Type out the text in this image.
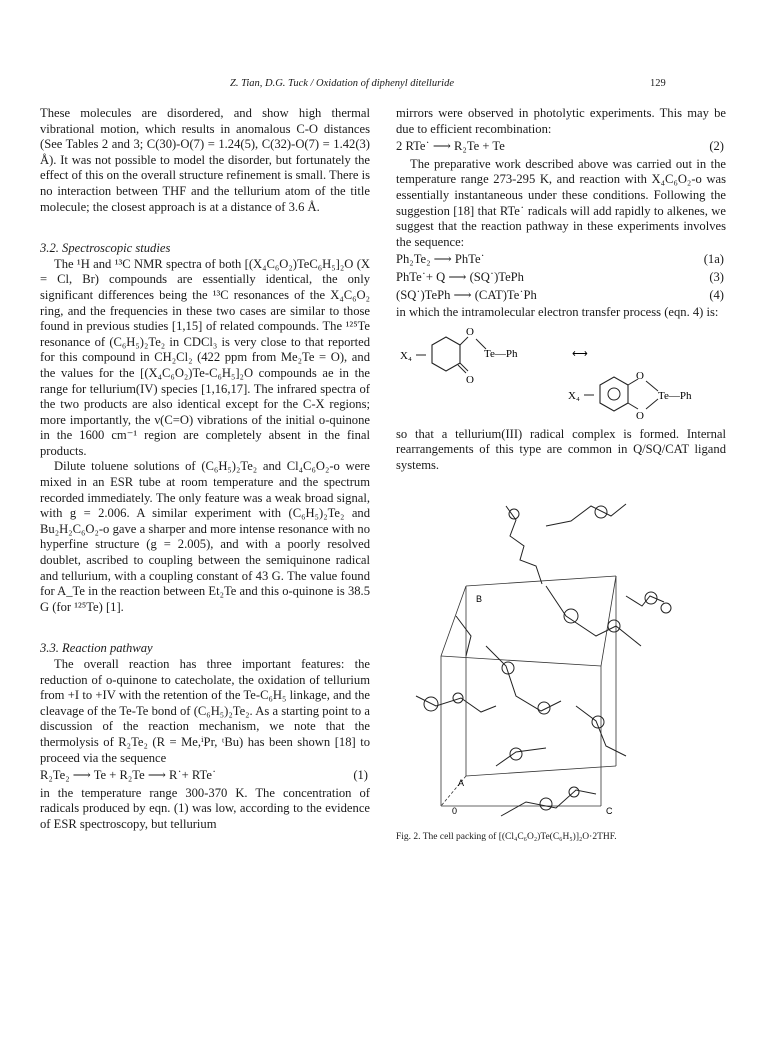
Z. Tian, D.G. Tuck / Oxidation of diphenyl ditelluride	129

These molecules are disordered, and show high thermal vibrational motion, which results in anomalous C-O distances (See Tables 2 and 3; C(30)-O(7) = 1.24(5), C(32)-O(7) = 1.42(3) Å). It was not possible to model the disorder, but fortunately the effect of this on the overall structure refinement is small. There is no interaction between THF and the tellurium atom of the title molecule; the closest approach is at a distance of 3.6 Å.

3.2. Spectroscopic studies

The ¹H and ¹³C NMR spectra of both [(X₄C₆O₂)TeC₆H₅]₂O (X = Cl, Br) compounds are essentially identical, the only significant differences being the ¹³C resonances of the X₄C₆O₂ ring, and the frequencies in these two cases are similar to those found in previous studies [1,15] of related compounds. The ¹²⁵Te resonance of (C₆H₅)₂Te₂ in CDCl₃ is very close to that reported for this compound in CH₂Cl₂ (422 ppm from Me₂Te = O), and the values for the [(X₄C₆O₂)Te-C₆H₅]₂O compounds ae in the range for tellurium(IV) species [1,16,17]. The infrared spectra of the two products are also identical except for the C-X regions; more importantly, the ν(C=O) vibrations of the initial o-quinone in the 1600 cm⁻¹ region are completely absent in the final products.

Dilute toluene solutions of (C₆H₅)₂Te₂ and Cl₄C₆O₂-o were mixed in an ESR tube at room temperature and the spectrum recorded immediately. The only feature was a weak broad signal, with g = 2.006. A similar experiment with (C₆H₅)₂Te₂ and Bu₂H₂C₆O₂-o gave a sharper and more intense resonance with no hyperfine structure (g = 2.005), and with a poorly resolved doublet, ascribed to coupling between the semiquinone radical and tellurium, with a coupling constant of 43 G. The value found for A_Te in the reaction between Et₂Te and this o-quinone is 38.5 G (for ¹²⁵Te) [1].

3.3. Reaction pathway

The overall reaction has three important features: the reduction of o-quinone to catecholate, the oxidation of tellurium from +I to +IV with the retention of the Te-C₆H₅ linkage, and the cleavage of the Te-Te bond of (C₆H₅)₂Te₂. As a starting point to a discussion of the reaction mechanism, we note that the thermolysis of R₂Te₂ (R = Me,ⁱPr, ᵗBu) has been shown [18] to proceed via the sequence

R₂Te₂ ⟶ Te + R₂Te ⟶ R˙+ RTe˙	(1)

in the temperature range 300-370 K. The concentration of radicals produced by eqn. (1) was low, according to the evidence of ESR spectroscopy, but tellurium

mirrors were observed in photolytic experiments. This may be due to efficient recombination:

2 RTe˙ ⟶ R₂Te + Te	(2)

The preparative work described above was carried out in the temperature range 273-295 K, and reaction with X₄C₆O₂-o was essentially instantaneous under these conditions. Following the suggestion [18] that RTe˙ radicals will add rapidly to alkenes, we suggest that the reaction pathway in these experiments involves the sequence:

Ph₂Te₂ ⟶ PhTe˙	(1a)
PhTe˙+ Q ⟶ (SQ˙)TePh	(3)
(SQ˙)TePh ⟶ (CAT)Te˙Ph	(4)

in which the intramolecular electron transfer process (eqn. 4) is:

X₄
O
O
Te—Ph	⟷
X₄
O
O
Te—Ph

so that a tellurium(III) radical complex is formed. Internal rearrangements of this type are common in Q/SQ/CAT ligand systems.

B
A
0	C
Fig. 2. The cell packing of [(Cl₄C₆O₂)Te(C₆H₅)]₂O·2THF.
